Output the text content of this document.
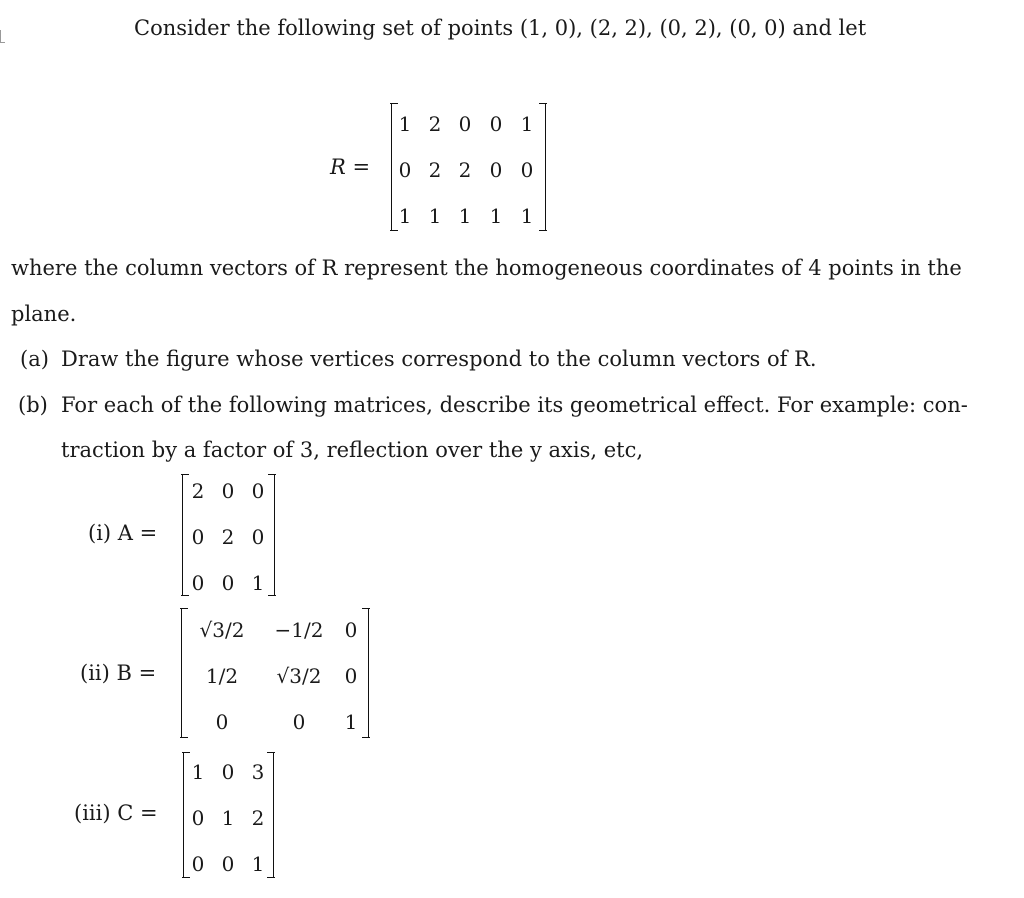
Consider the following set of points (1, 0), (2, 2), (0, 2), (0, 0) and let
R =
1 2 0 0 1
0 2 2 0 0
1 1 1 1 1
where the column vectors of R represent the homogeneous coordinates of 4 points in the
plane.
(a) Draw the figure whose vertices correspond to the column vectors of R.
(b) For each of the following matrices, describe its geometrical effect. For example: con-
traction by a factor of 3, reflection over the y axis, etc,
(i) A =
2 0 0
0 2 0
0 0 1
(ii) B =
√3/2	−1/2	0
1/2	√3/2	0
0	0	1
(iii) C =
1 0 3
0 1 2
0 0 1
